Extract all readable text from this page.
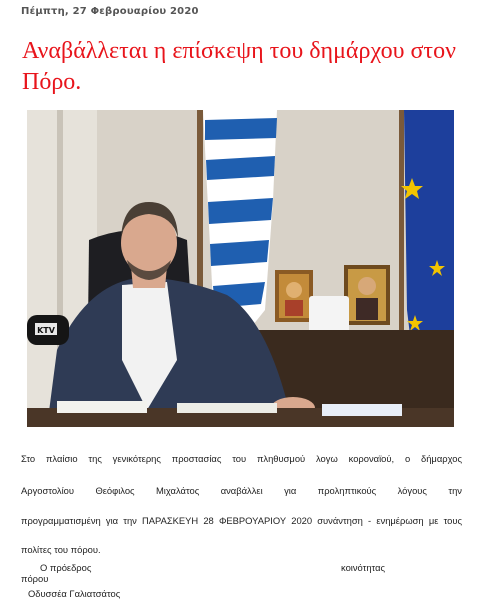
Πέμπτη, 27 Φεβρουαρίου 2020
Αναβάλλεται η επίσκεψη του δημάρχου στον Πόρο.
KTV
Στο πλαίσιο της γενικότερης προστασίας του πληθυσμού λογω κοροναϊού, ο δήμαρχος
Αργοστολίου Θεόφιλος Μιχαλάτος αναβάλλει για προληπτικούς λόγους την
προγραμματισμένη για την ΠΑΡΑΣΚΕΥΗ 28 ΦΕΒΡΟΥΑΡΙΟΥ 2020 συνάντηση - ενημέρωση με τους
πολίτες του πόρου.
Ο πρόεδρος	κοινότητας
πόρου
Οδυσσέα Γαλιατσάτος
